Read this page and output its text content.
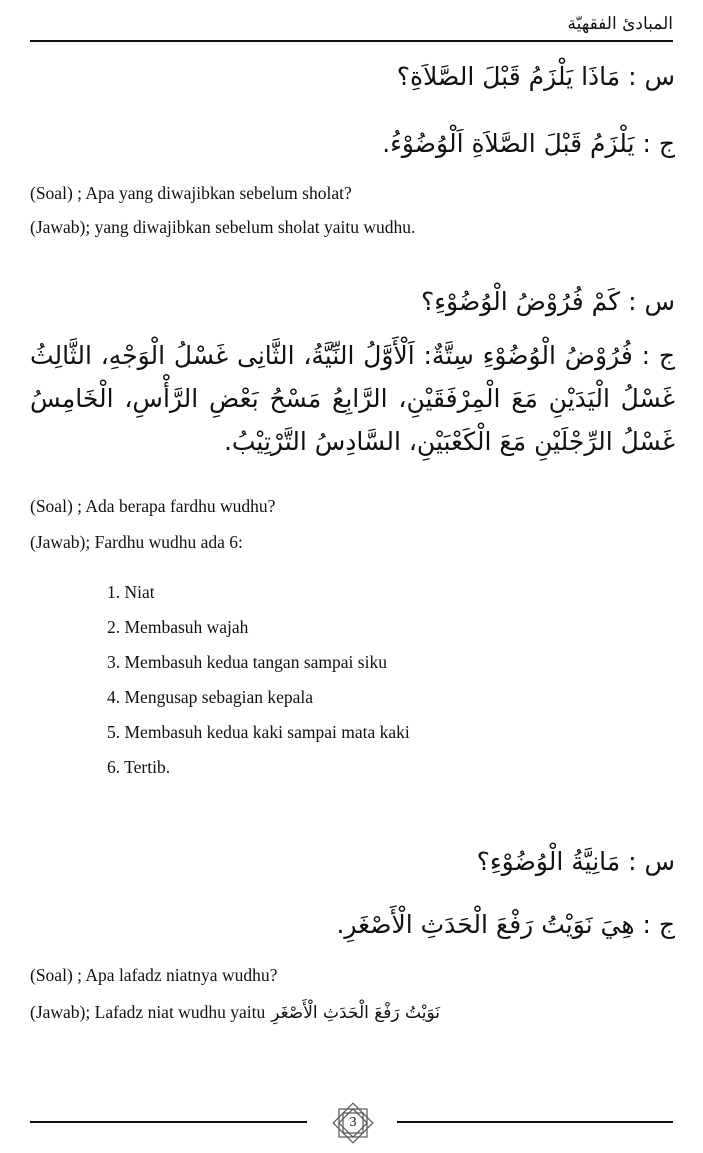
المبادئ الفقهيّة
س : مَاذَا يَلْزَمُ قَبْلَ الصَّلاَةِ؟
ج : يَلْزَمُ قَبْلَ الصَّلاَةِ اَلْوُضُوْءُ.
(Soal) ; Apa yang diwajibkan sebelum sholat?
(Jawab); yang diwajibkan sebelum sholat yaitu wudhu.
س : كَمْ فُرُوْضُ الْوُضُوْءِ؟
ج : فُرُوْضُ الْوُضُوْءِ سِتَّةٌ: اَلْأَوَّلُ النِّيَّةُ، الثَّانِى غَسْلُ الْوَجْهِ، الثَّالِثُ غَسْلُ الْيَدَيْنِ مَعَ الْمِرْفَقَيْنِ، الرَّابِعُ مَسْحُ بَعْضِ الرَّأْسِ، الْخَامِسُ غَسْلُ الرِّجْلَيْنِ مَعَ الْكَعْبَيْنِ، السَّادِسُ التَّرْتِيْبُ.
(Soal) ; Ada berapa fardhu wudhu?
(Jawab); Fardhu wudhu ada 6:
1. Niat
2. Membasuh wajah
3. Membasuh kedua tangan sampai siku
4. Mengusap sebagian kepala
5. Membasuh kedua kaki sampai mata kaki
6. Tertib.
س : مَانِيَّةُ الْوُضُوْءِ؟
ج : هِيَ نَوَيْتُ رَفْعَ الْحَدَثِ الْأَصْغَرِ.
(Soal) ; Apa lafadz niatnya wudhu?
(Jawab); Lafadz niat wudhu yaitu نَوَيْتُ رَفْعَ الْحَدَثِ الْأَصْغَرِ
3
